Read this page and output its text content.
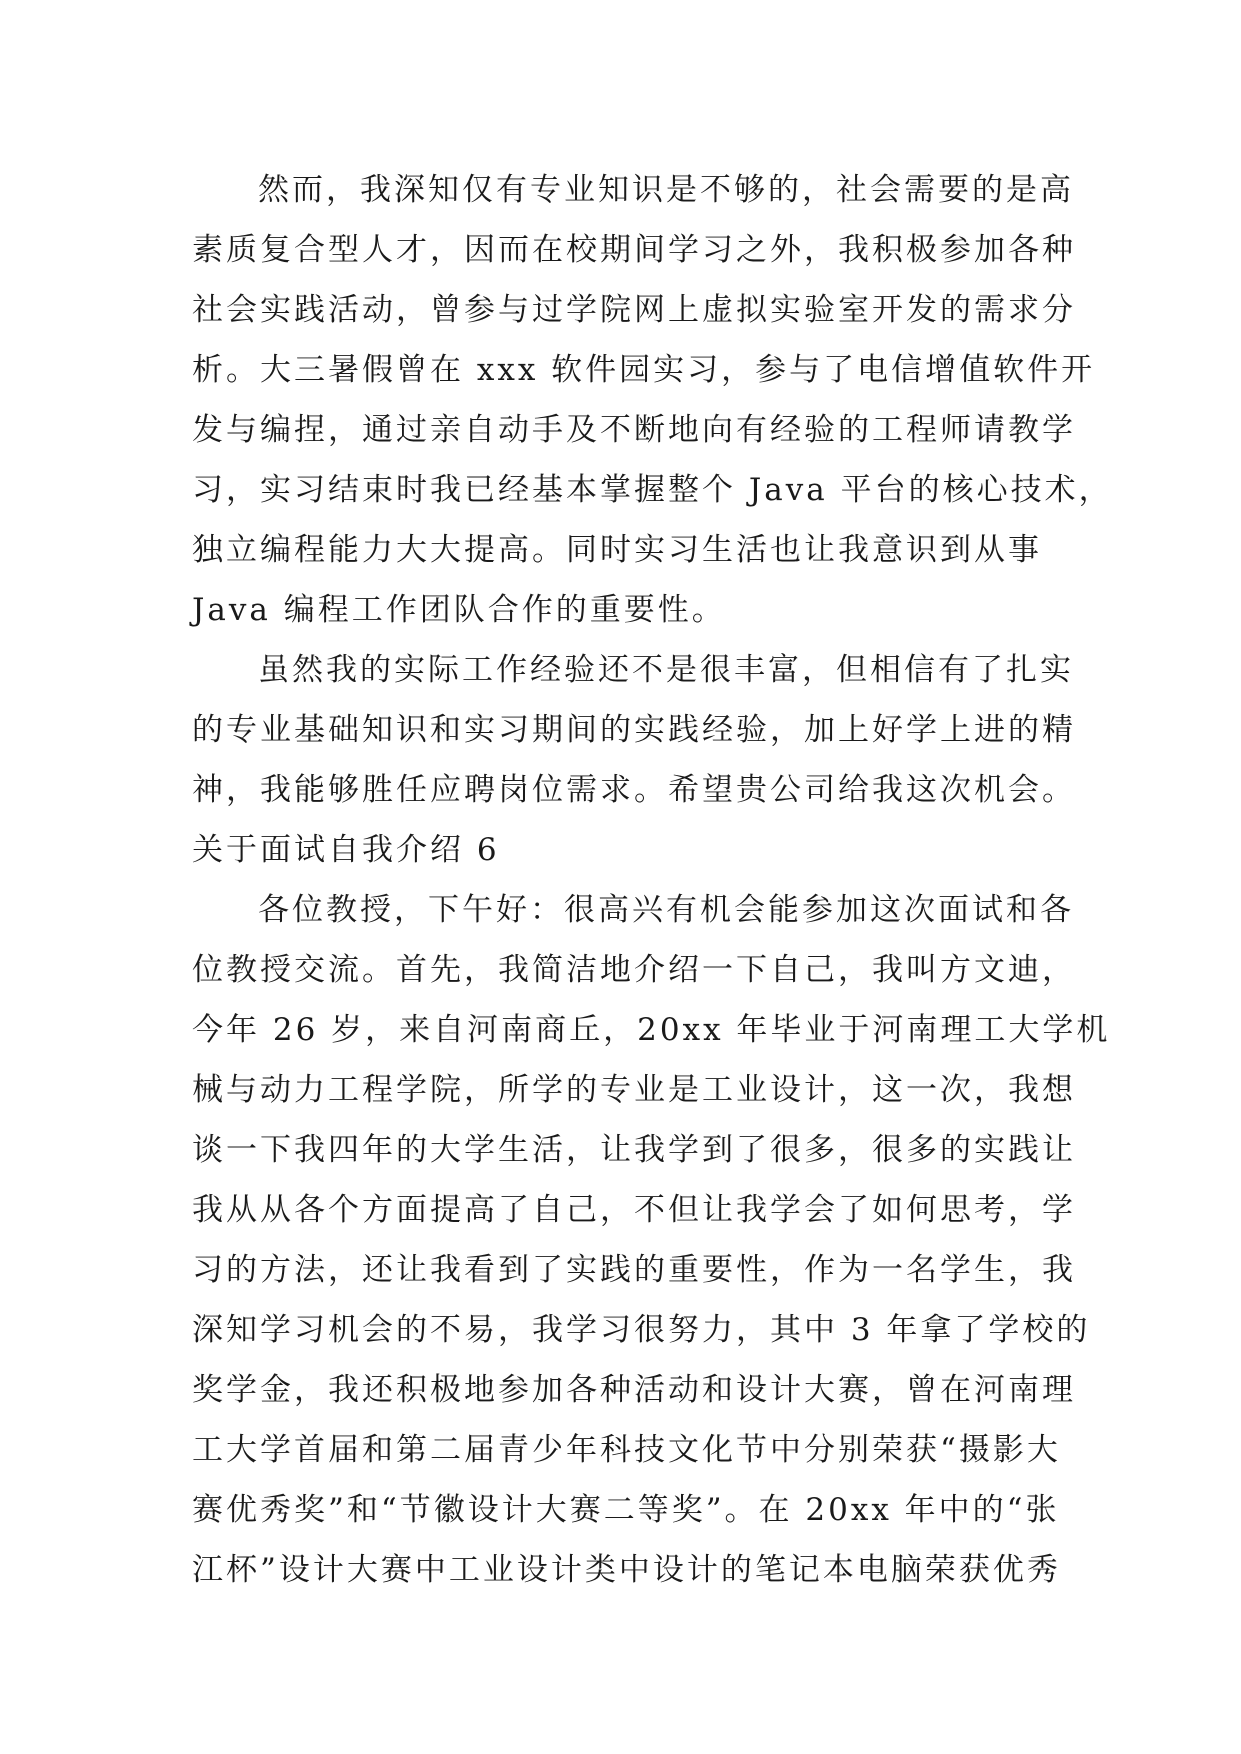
然而，我深知仅有专业知识是不够的，社会需要的是高
素质复合型人才，因而在校期间学习之外，我积极参加各种
社会实践活动，曾参与过学院网上虚拟实验室开发的需求分
析。大三暑假曾在 xxx 软件园实习，参与了电信增值软件开
发与编捏，通过亲自动手及不断地向有经验的工程师请教学
习，实习结束时我已经基本掌握整个 Java 平台的核心技术，
独立编程能力大大提高。同时实习生活也让我意识到从事
Java 编程工作团队合作的重要性。
虽然我的实际工作经验还不是很丰富，但相信有了扎实
的专业基础知识和实习期间的实践经验，加上好学上进的精
神，我能够胜任应聘岗位需求。希望贵公司给我这次机会。
关于面试自我介绍 6
各位教授，下午好：很高兴有机会能参加这次面试和各
位教授交流。首先，我简洁地介绍一下自己，我叫方文迪，
今年 26 岁，来自河南商丘，20xx 年毕业于河南理工大学机
械与动力工程学院，所学的专业是工业设计，这一次，我想
谈一下我四年的大学生活，让我学到了很多，很多的实践让
我从从各个方面提高了自己，不但让我学会了如何思考，学
习的方法，还让我看到了实践的重要性，作为一名学生，我
深知学习机会的不易，我学习很努力，其中 3 年拿了学校的
奖学金，我还积极地参加各种活动和设计大赛，曾在河南理
工大学首届和第二届青少年科技文化节中分别荣获“摄影大
赛优秀奖”和“节徽设计大赛二等奖”。在 20xx 年中的“张
江杯”设计大赛中工业设计类中设计的笔记本电脑荣获优秀
